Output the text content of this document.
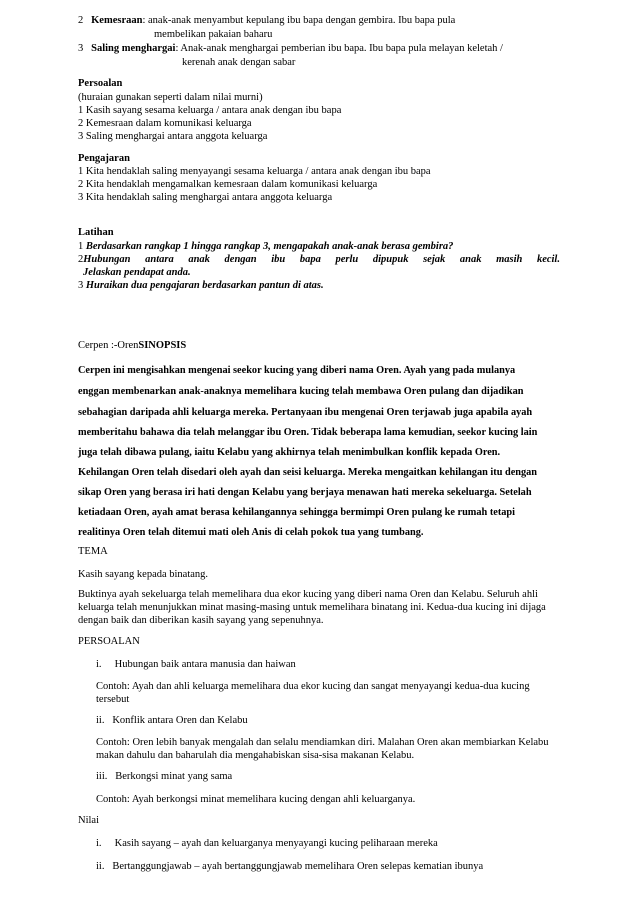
2 Kemesraan: anak-anak menyambut kepulang ibu bapa dengan gembira. Ibu bapa pula
membelikan pakaian baharu
3 Saling menghargai: Anak-anak menghargai pemberian ibu bapa. Ibu bapa pula melayan keletah /
kerenah anak dengan sabar
Persoalan
(huraian gunakan seperti dalam nilai murni)
1 Kasih sayang sesama keluarga / antara anak dengan ibu bapa
2 Kemesraan dalam komunikasi keluarga
3 Saling menghargai antara anggota keluarga
Pengajaran
1 Kita hendaklah saling menyayangi sesama keluarga / antara anak dengan ibu bapa
2 Kita hendaklah mengamalkan kemesraan dalam komunikasi keluarga
3 Kita hendaklah saling menghargai antara anggota keluarga
Latihan
1 Berdasarkan rangkap 1 hingga rangkap 3, mengapakah anak-anak berasa gembira?
2Hubungan antara anak dengan ibu bapa perlu dipupuk sejak anak masih kecil.
Jelaskan pendapat anda.
3 Huraikan dua pengajaran berdasarkan pantun di atas.
Cerpen :-OrenSINOPSIS
Cerpen ini mengisahkan mengenai seekor kucing yang diberi nama Oren. Ayah yang pada mulanya
enggan membenarkan anak-anaknya memelihara kucing telah membawa Oren pulang dan dijadikan
sebahagian daripada ahli keluarga mereka. Pertanyaan ibu mengenai Oren terjawab juga apabila ayah
memberitahu bahawa dia telah melanggar ibu Oren. Tidak beberapa lama kemudian, seekor kucing lain
juga telah dibawa pulang, iaitu Kelabu yang akhirnya telah menimbulkan konflik kepada Oren.
Kehilangan Oren telah disedari oleh ayah dan seisi keluarga. Mereka mengaitkan kehilangan itu dengan
sikap Oren yang berasa iri hati dengan Kelabu yang berjaya menawan hati mereka sekeluarga. Setelah
ketiadaan Oren, ayah amat berasa kehilangannya sehingga bermimpi Oren pulang ke rumah tetapi
realitinya Oren telah ditemui mati oleh Anis di celah pokok tua yang tumbang.
TEMA
Kasih sayang kepada binatang.
Buktinya ayah sekeluarga telah memelihara dua ekor kucing yang diberi nama Oren dan Kelabu. Seluruh ahli
keluarga telah menunjukkan minat masing-masing untuk memelihara binatang ini. Kedua-dua kucing ini dijaga
dengan baik dan diberikan kasih sayang yang sepenuhnya.
PERSOALAN
i. Hubungan baik antara manusia dan haiwan
Contoh: Ayah dan ahli keluarga memelihara dua ekor kucing dan sangat menyayangi kedua-dua kucing
tersebut
ii. Konflik antara Oren dan Kelabu
Contoh: Oren lebih banyak mengalah dan selalu mendiamkan diri. Malahan Oren akan membiarkan Kelabu
makan dahulu dan baharulah dia mengahabiskan sisa-sisa makanan Kelabu.
iii. Berkongsi minat yang sama
Contoh: Ayah berkongsi minat memelihara kucing dengan ahli keluarganya.
Nilai
i. Kasih sayang – ayah dan keluarganya menyayangi kucing peliharaan mereka
ii. Bertanggungjawab – ayah bertanggungjawab memelihara Oren selepas kematian ibunya
